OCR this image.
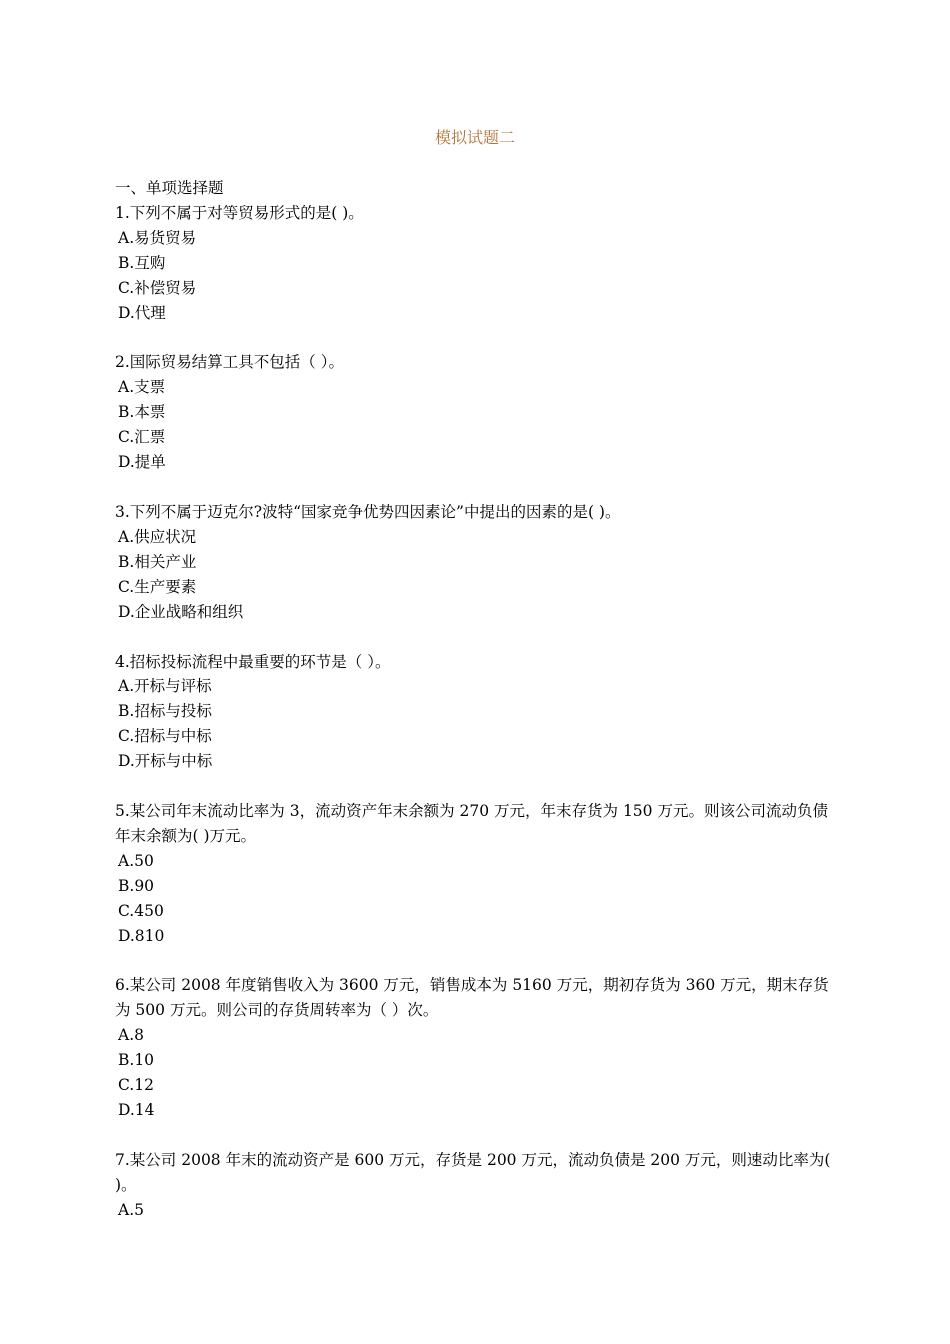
模拟试题二

一、单项选择题

1.下列不属于对等贸易形式的是( )。

A.易货贸易

B.互购

C.补偿贸易

D.代理

2.国际贸易结算工具不包括（ ）。

A.支票

B.本票

C.汇票

D.提单

3.下列不属于迈克尔?波特“国家竞争优势四因素论”中提出的因素的是( )。

A.供应状况

B.相关产业

C.生产要素

D.企业战略和组织

4.招标投标流程中最重要的环节是（ ）。

A.开标与评标

B.招标与投标

C.招标与中标

D.开标与中标

5.某公司年末流动比率为 3，流动资产年末余额为 270 万元，年末存货为 150 万元。则该公司流动负债年末余额为( )万元。

A.50

B.90

C.450

D.810

6.某公司 2008 年度销售收入为 3600 万元，销售成本为 5160 万元，期初存货为 360 万元，期末存货为 500 万元。则公司的存货周转率为（ ）次。

A.8

B.10

C.12

D.14

7.某公司 2008 年末的流动资产是 600 万元，存货是 200 万元，流动负债是 200 万元，则速动比率为( )。

A.5
